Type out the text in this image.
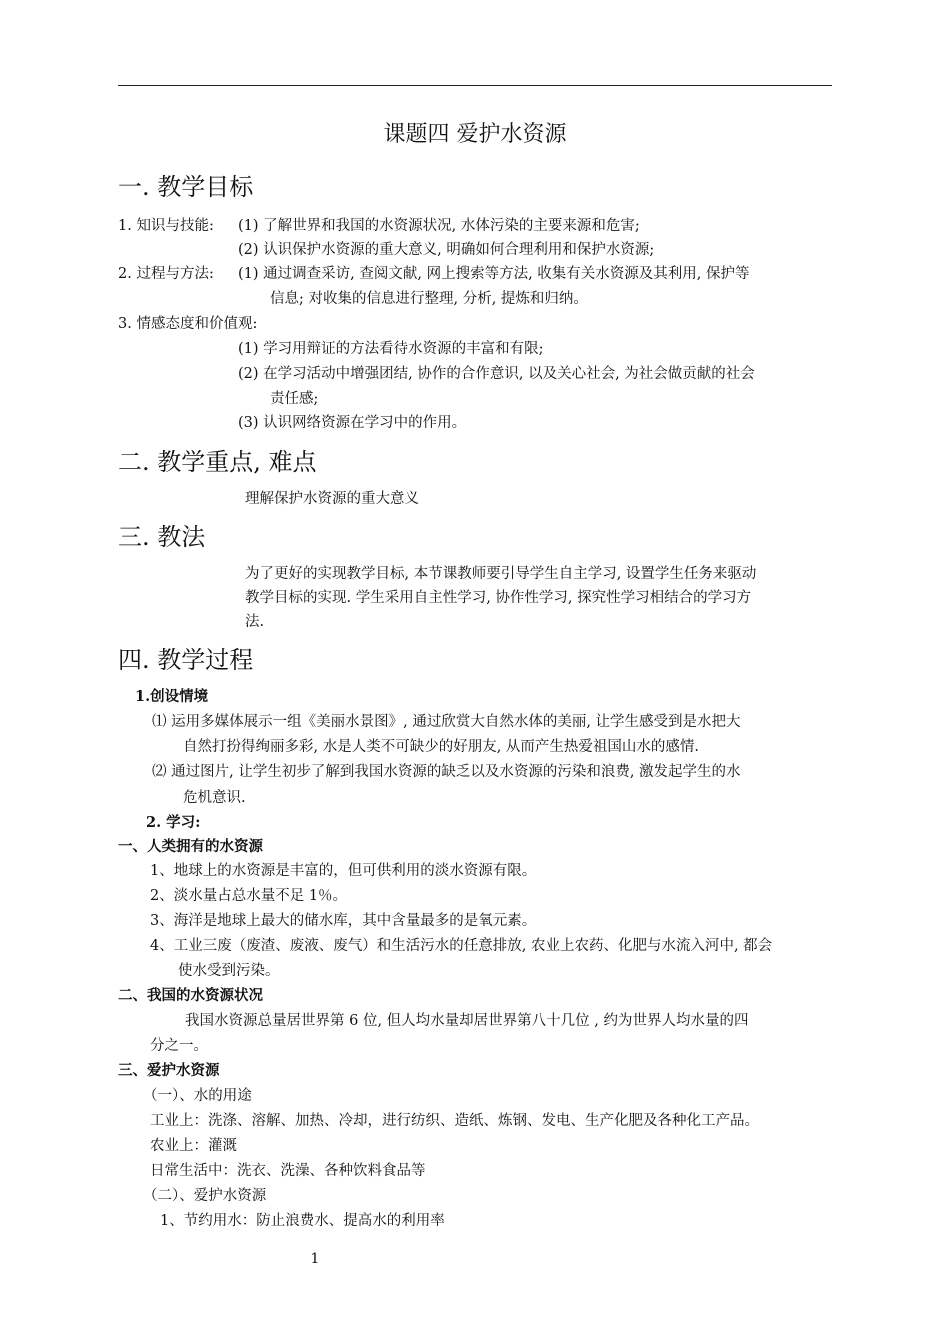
课题四 爱护水资源
一. 教学目标
1. 知识与技能: (1) 了解世界和我国的水资源状况, 水体污染的主要来源和危害;
(2) 认识保护水资源的重大意义, 明确如何合理利用和保护水资源;
2. 过程与方法: (1) 通过调查采访, 查阅文献, 网上搜索等方法, 收集有关水资源及其利用, 保护等
信息; 对收集的信息进行整理, 分析, 提炼和归纳。
3. 情感态度和价值观:
(1) 学习用辩证的方法看待水资源的丰富和有限;
(2) 在学习活动中增强团结, 协作的合作意识, 以及关心社会, 为社会做贡献的社会
责任感;
(3) 认识网络资源在学习中的作用。
二. 教学重点, 难点
理解保护水资源的重大意义
三. 教法
为了更好的实现教学目标, 本节课教师要引导学生自主学习, 设置学生任务来驱动
教学目标的实现. 学生采用自主性学习, 协作性学习, 探究性学习相结合的学习方
法.
四. 教学过程
1.创设情境
⑴ 运用多媒体展示一组《美丽水景图》, 通过欣赏大自然水体的美丽, 让学生感受到是水把大
自然打扮得绚丽多彩, 水是人类不可缺少的好朋友, 从而产生热爱祖国山水的感情.
⑵ 通过图片, 让学生初步了解到我国水资源的缺乏以及水资源的污染和浪费, 激发起学生的水
危机意识.
2. 学习:
一、人类拥有的水资源
1、地球上的水资源是丰富的，但可供利用的淡水资源有限。
2、淡水量占总水量不足 1％。
3、海洋是地球上最大的储水库，其中含量最多的是氧元素。
4、工业三废（废渣、废液、废气）和生活污水的任意排放, 农业上农药、化肥与水流入河中, 都会
使水受到污染。
二、我国的水资源状况
我国水资源总量居世界第 6 位, 但人均水量却居世界第八十几位 , 约为世界人均水量的四
分之一。
三、爱护水资源
（一）、水的用途
工业上：洗涤、溶解、加热、冷却，进行纺织、造纸、炼钢、发电、生产化肥及各种化工产品。
农业上：灌溉
日常生活中：洗衣、洗澡、各种饮料食品等
（二）、爱护水资源
1、节约用水：防止浪费水、提高水的利用率
1
